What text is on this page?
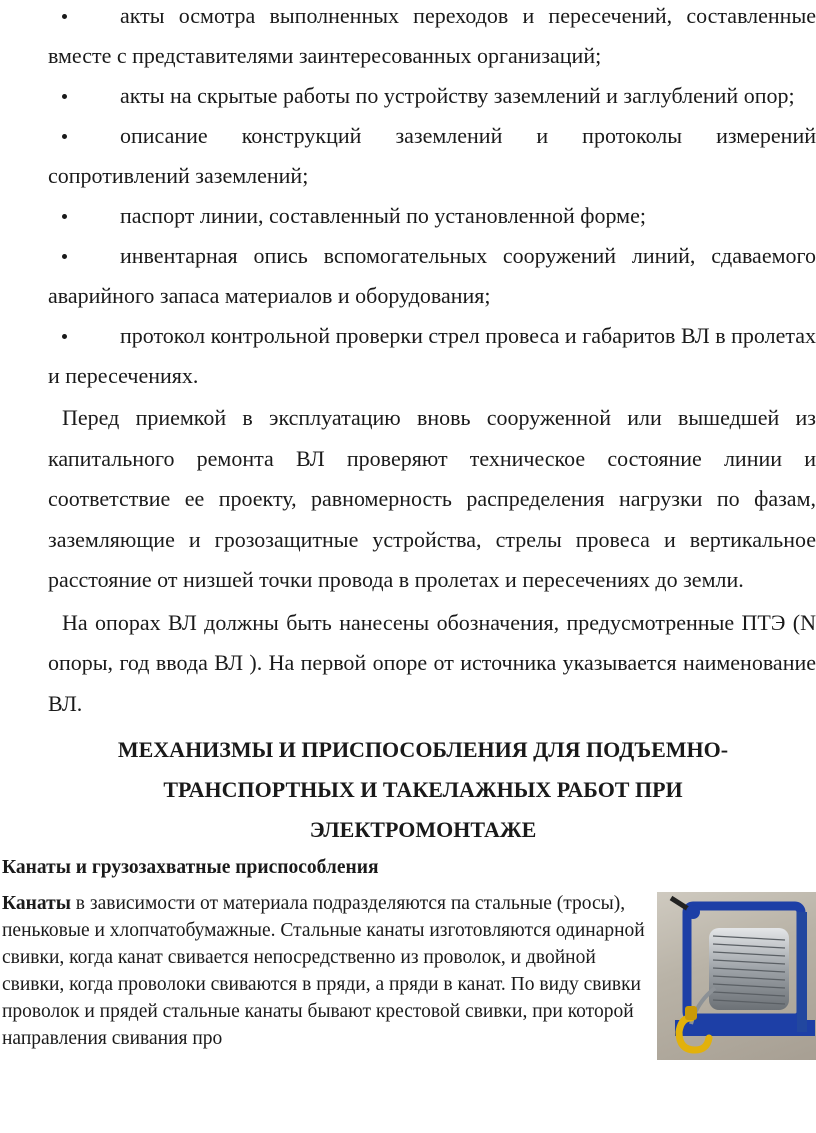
акты осмотра выполненных переходов и пересечений, составленные вместе с представителями заинтересованных организаций;

акты на скрытые работы по устройству заземлений и заглублений опор;

описание конструкций заземлений и протоколы измерений сопротивлений заземлений;

паспорт линии, составленный по установленной форме;

инвентарная опись вспомогательных сооружений линий, сдаваемого аварийного запаса материалов и оборудования;

протокол контрольной проверки стрел провеса и габаритов ВЛ в пролетах и пересечениях.

Перед приемкой в эксплуатацию вновь сооруженной или вышедшей из капитального ремонта ВЛ проверяют техническое состояние линии и соответствие ее проекту, равномерность распределения нагрузки по фазам, заземляющие и грозозащитные устройства, стрелы провеса и вертикальное расстояние от низшей точки провода в пролетах и пересечениях до земли.

На опорах ВЛ должны быть нанесены обозначения, предусмотренные ПТЭ (N опоры, год ввода ВЛ ). На первой опоре от источника указывается наименование ВЛ.

МЕХАНИЗМЫ И ПРИСПОСОБЛЕНИЯ ДЛЯ ПОДЪЕМНО-
ТРАНСПОРТНЫХ И ТАКЕЛАЖНЫХ РАБОТ ПРИ
ЭЛЕКТРОМОНТАЖЕ
Канаты и грузозахватные приспособления

Канаты в зависимости от материала подразделяются па стальные (тросы), пеньковые и хлопчатобумажные. Стальные канаты изготовляются одинарной свивки, когда канат свивается непосредственно из проволок, и двойной свивки, когда проволоки свиваются в пряди, а пряди в канат. По виду свивки проволок и прядей стальные канаты бывают крестовой свивки, при которой направления свивания про
